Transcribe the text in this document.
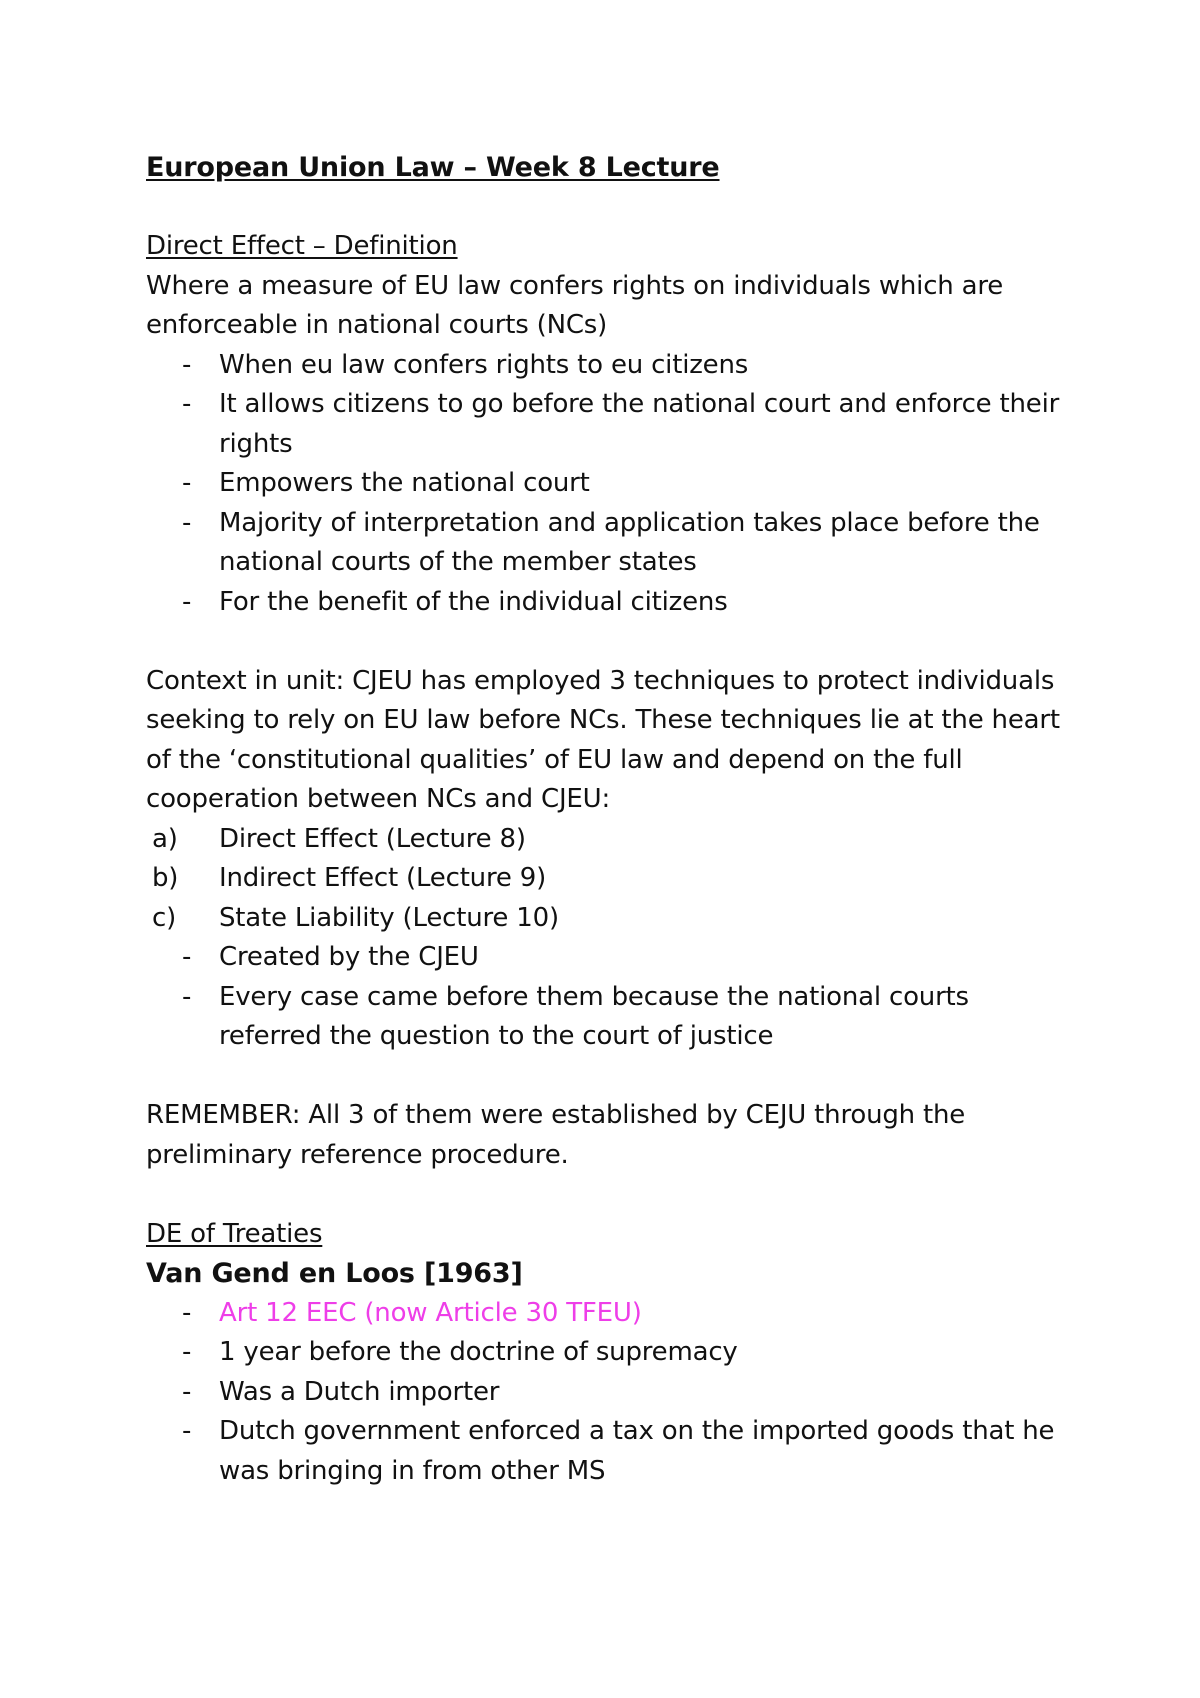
European Union Law – Week 8 Lecture
Direct Effect – Definition
Where a measure of EU law confers rights on individuals which are enforceable in national courts (NCs)
- When eu law confers rights to eu citizens
- It allows citizens to go before the national court and enforce their rights
- Empowers the national court
- Majority of interpretation and application takes place before the national courts of the member states
- For the benefit of the individual citizens
Context in unit: CJEU has employed 3 techniques to protect individuals seeking to rely on EU law before NCs. These techniques lie at the heart of the ‘constitutional qualities’ of EU law and depend on the full cooperation between NCs and CJEU:
a) Direct Effect (Lecture 8)
b) Indirect Effect (Lecture 9)
c) State Liability (Lecture 10)
- Created by the CJEU
- Every case came before them because the national courts referred the question to the court of justice
REMEMBER: All 3 of them were established by CEJU through the preliminary reference procedure.
DE of Treaties
Van Gend en Loos [1963]
- Art 12 EEC (now Article 30 TFEU)
- 1 year before the doctrine of supremacy
- Was a Dutch importer
- Dutch government enforced a tax on the imported goods that he was bringing in from other MS
